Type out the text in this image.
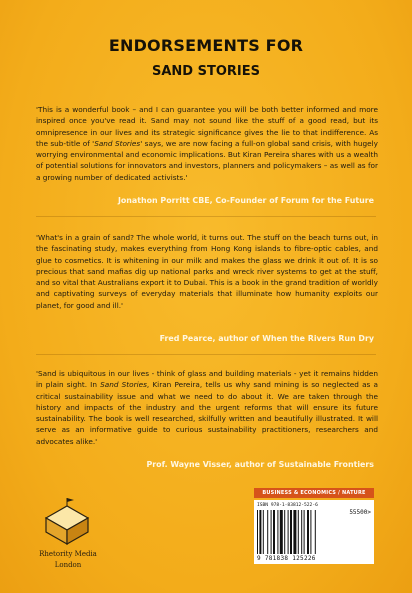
ENDORSEMENTS FOR
SAND STORIES
'This is a wonderful book – and I can guarantee you will be both better informed and more inspired once you've read it. Sand may not sound like the stuff of a good read, but its omnipresence in our lives and its strategic significance gives the lie to that indifference. As the sub-title of 'Sand Stories' says, we are now facing a full-on global sand crisis, with hugely worrying environmental and economic implications. But Kiran Pereira shares with us a wealth of potential solutions for innovators and investors, planners and policymakers – as well as for a growing number of dedicated activists.'
Jonathon Porritt CBE, Co-Founder of Forum for the Future
'What's in a grain of sand? The whole world, it turns out. The stuff on the beach turns out, in the fascinating study, makes everything from Hong Kong islands to fibre-optic cables, and glue to cosmetics. It is whitening in our milk and makes the glass we drink it out of. It is so precious that sand mafias dig up national parks and wreck river systems to get at the stuff, and so vital that Australians export it to Dubai. This is a book in the grand tradition of worldly and captivating surveys of everyday materials that illuminate how humanity exploits our planet, for good and ill.'
Fred Pearce, author of When the Rivers Run Dry
'Sand is ubiquitous in our lives - think of glass and building materials - yet it remains hidden in plain sight. In Sand Stories, Kiran Pereira, tells us why sand mining is so neglected as a critical sustainability issue and what we need to do about it. We are taken through the history and impacts of the industry and the urgent reforms that will ensure its future sustainability. The book is well researched, skilfully written and beautifully illustrated. It will serve as an informative guide to curious sustainability practitioners, researchers and advocates alike.'
Prof. Wayne Visser, author of Sustainable Frontiers
Rhetority Media
London
BUSINESS & ECONOMICS / NATURE
ISBN 978-1-83812-522-6
55500>
9 781838 125226
